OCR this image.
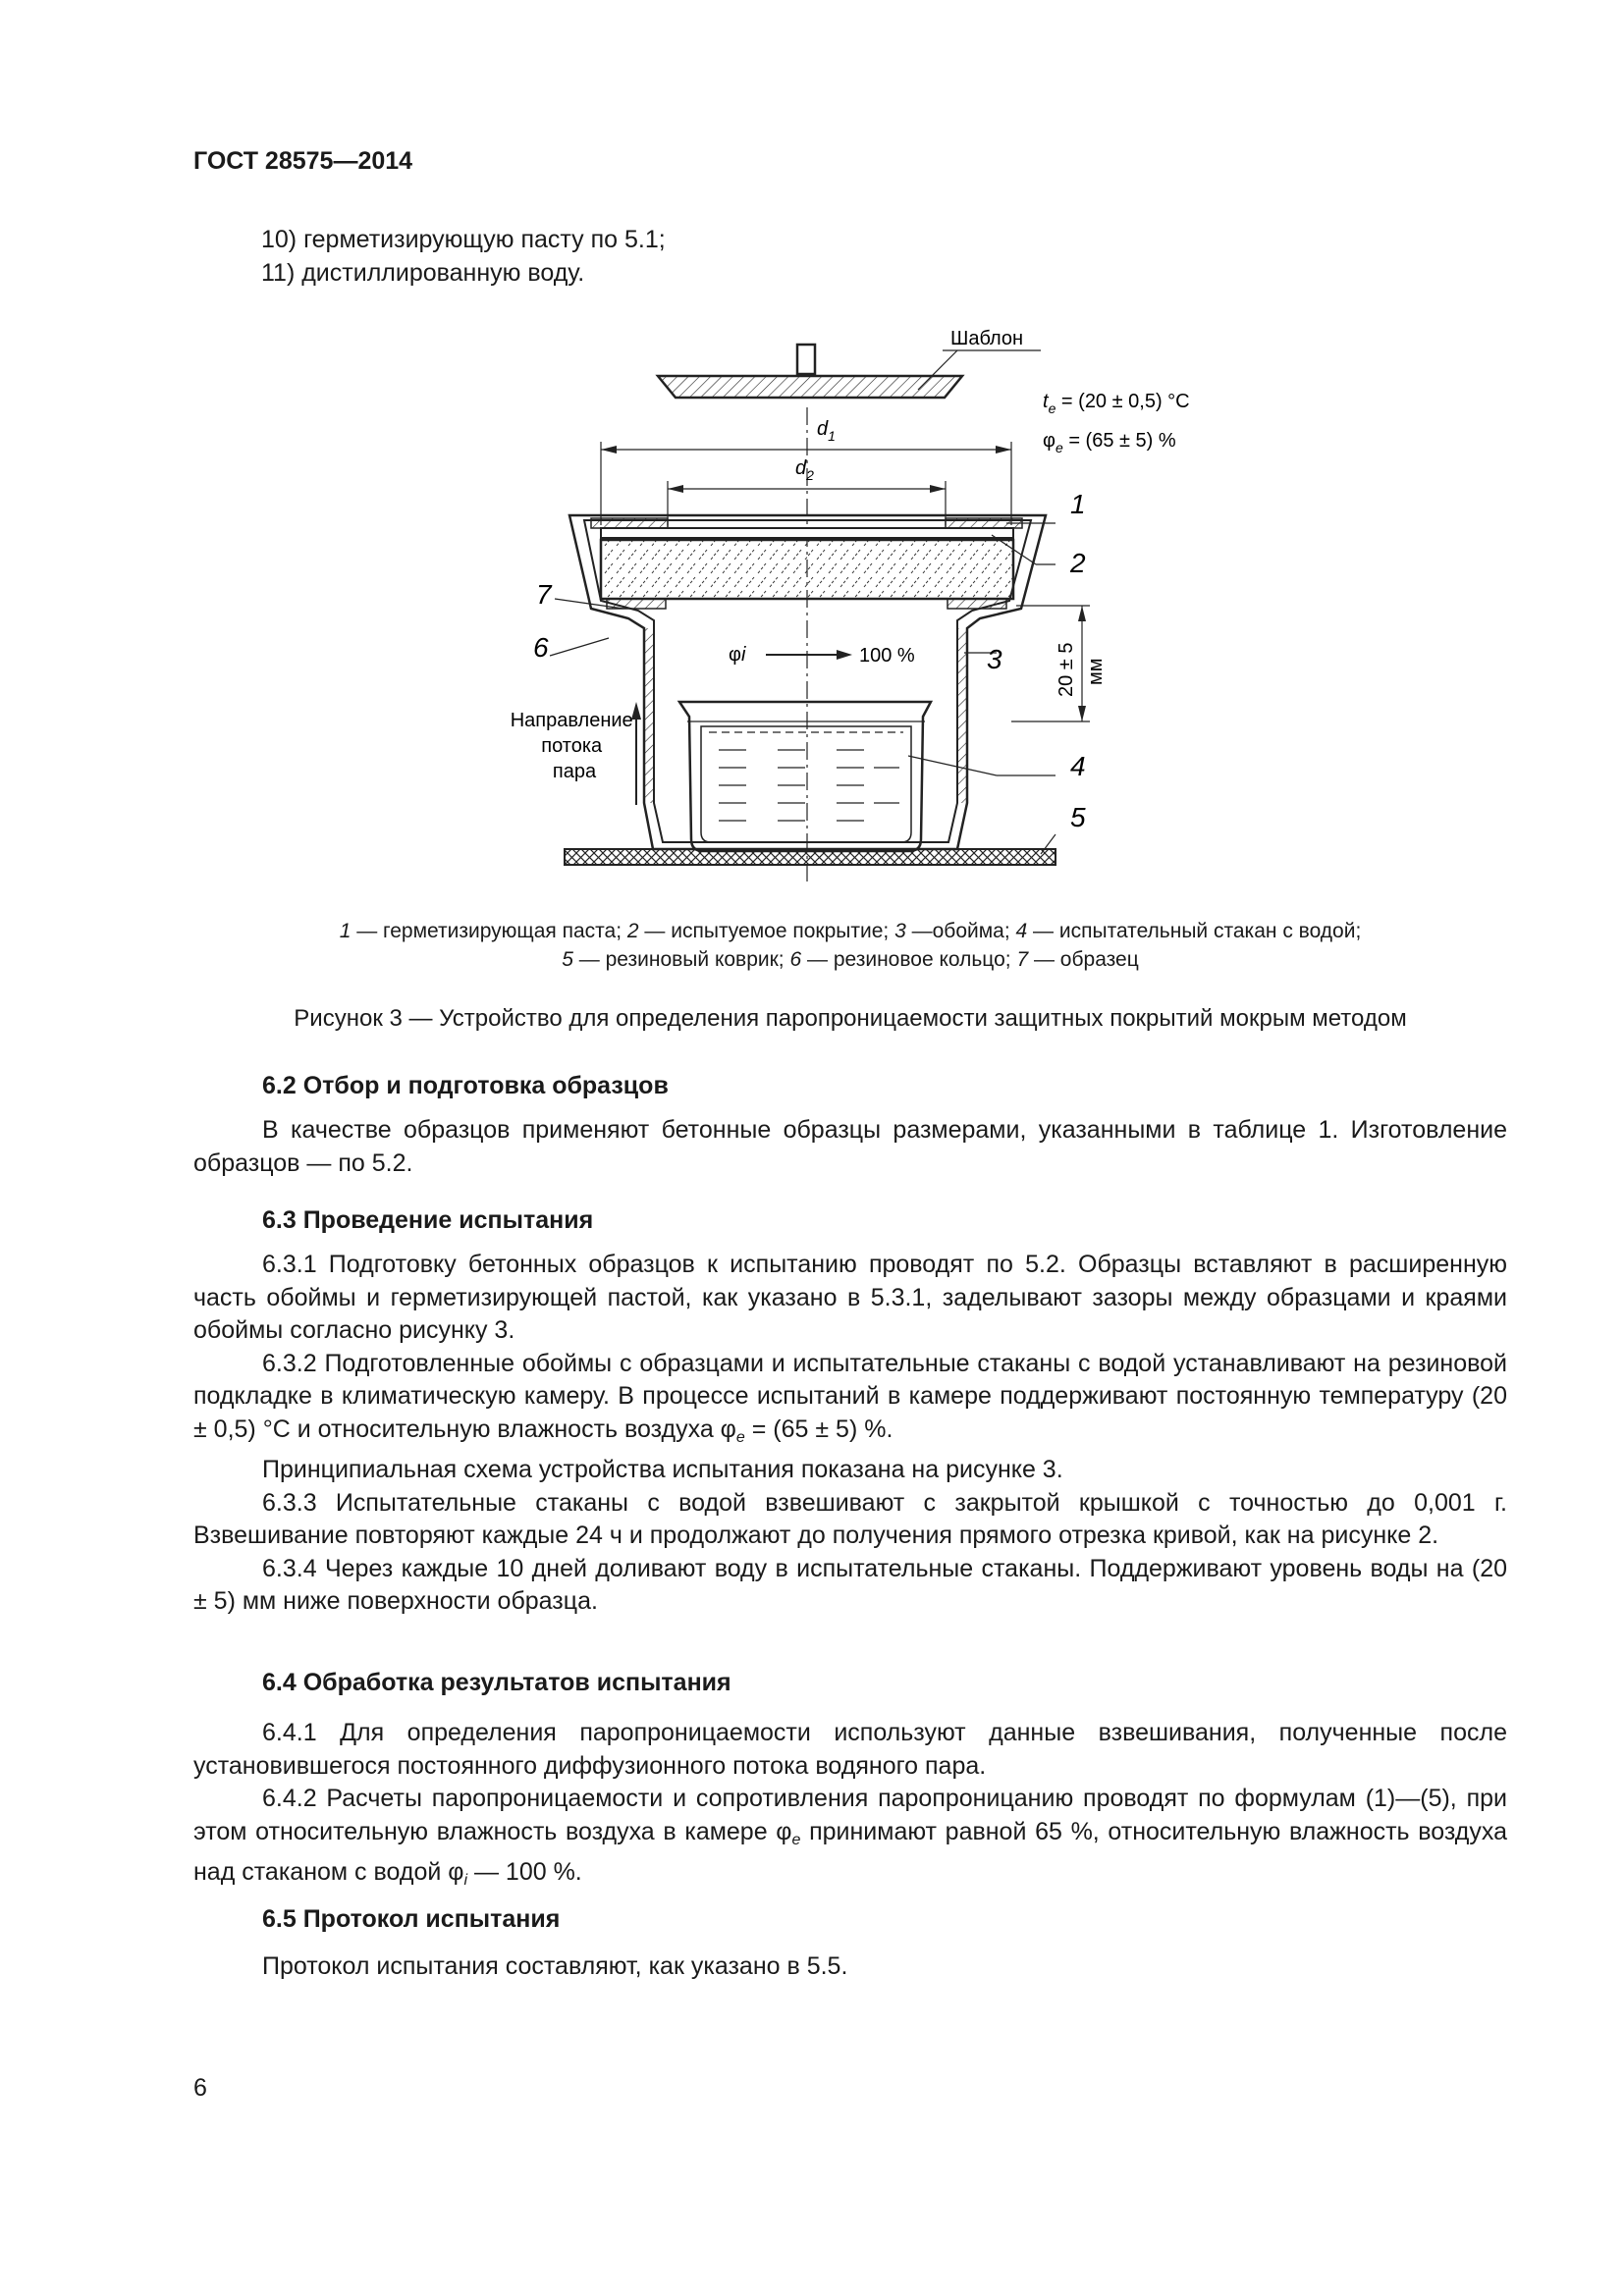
ГОСТ 28575—2014
10) герметизирующую пасту по 5.1;
11) дистиллированную воду.
Шаблон
$t_e = (20 \pm 0,5)$ °C
$\varphi_e = (65 \pm 5)$ %
$d_1$
$d_2$
20 ± 5 мм
φi	100 %
Направление потока пара
1
2
3
4
5
6
7
1 — герметизирующая паста; 2 — испытуемое покрытие; 3 —обойма; 4 — испытательный стакан с водой;
5 — резиновый коврик; 6 — резиновое кольцо; 7 — образец
Рисунок 3 — Устройство для определения паропроницаемости защитных покрытий мокрым методом
6.2 Отбор и подготовка образцов

В качестве образцов применяют бетонные образцы размерами, указанными в таблице 1. Изготовление образцов — по 5.2.

6.3 Проведение испытания

6.3.1 Подготовку бетонных образцов к испытанию проводят по 5.2. Образцы вставляют в расширенную часть обоймы и герметизирующей пастой, как указано в 5.3.1, заделывают зазоры между образцами и краями обоймы согласно рисунку 3.

6.3.2 Подготовленные обоймы с образцами и испытательные стаканы с водой устанавливают на резиновой подкладке в климатическую камеру. В процессе испытаний в камере поддерживают постоянную температуру (20 ± 0,5) °С и относительную влажность воздуха $\varphi_e = (65 \pm 5)$ %.

Принципиальная схема устройства испытания показана на рисунке 3.

6.3.3 Испытательные стаканы с водой взвешивают с закрытой крышкой с точностью до 0,001 г. Взвешивание повторяют каждые 24 ч и продолжают до получения прямого отрезка кривой, как на рисунке 2.

6.3.4 Через каждые 10 дней доливают воду в испытательные стаканы. Поддерживают уровень воды на (20 ± 5) мм ниже поверхности образца.

6.4 Обработка результатов испытания

6.4.1 Для определения паропроницаемости используют данные взвешивания, полученные после установившегося постоянного диффузионного потока водяного пара.

6.4.2 Расчеты паропроницаемости и сопротивления паропроницанию проводят по формулам (1)—(5), при этом относительную влажность воздуха в камере $\varphi_e$ принимают равной 65 %, относительную влажность воздуха над стаканом с водой $\varphi_i$ — 100 %.

6.5 Протокол испытания

Протокол испытания составляют, как указано в 5.5.

6
